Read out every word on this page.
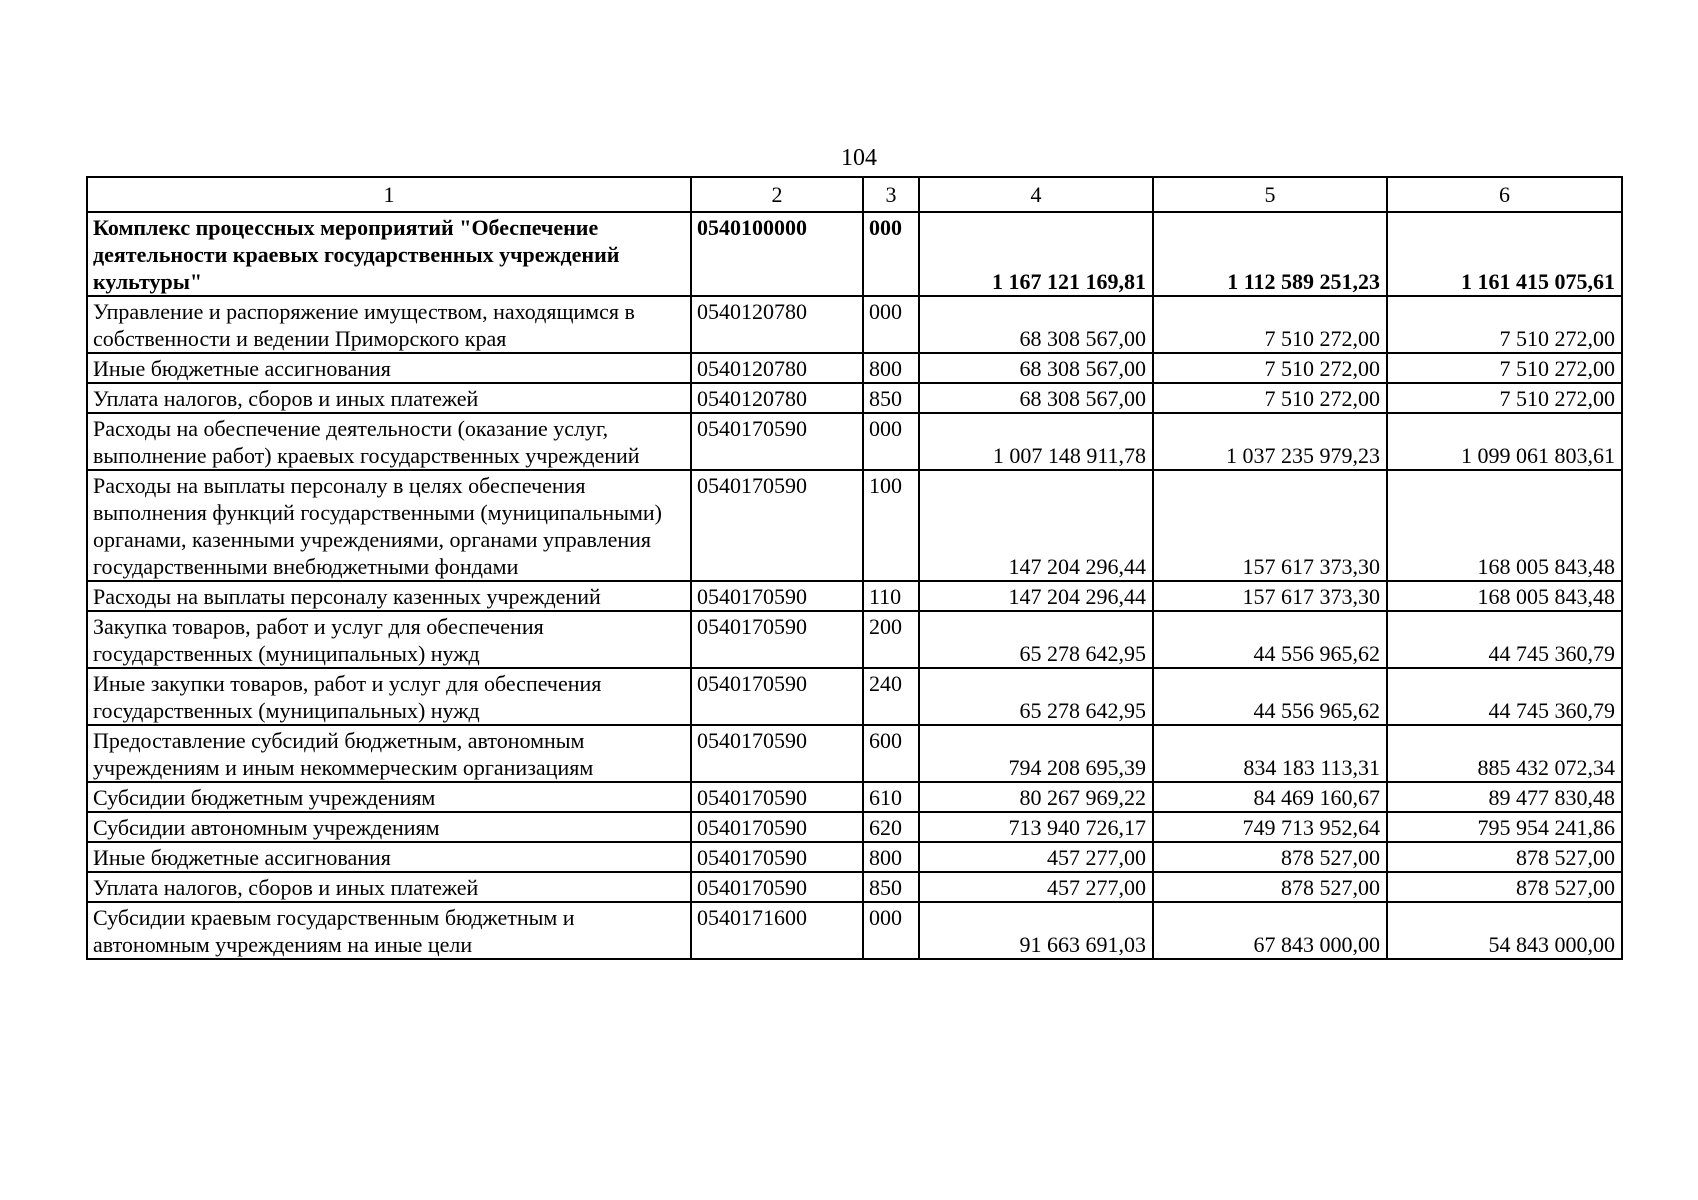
104
1	2	3	4	5	6
Комплекс процессных мероприятий "Обеспечение деятельности краевых государственных учреждений культуры"	0540100000	000	1 167 121 169,81	1 112 589 251,23	1 161 415 075,61
Управление и распоряжение имуществом, находящимся в собственности и ведении Приморского края	0540120780	000	68 308 567,00	7 510 272,00	7 510 272,00
Иные бюджетные ассигнования	0540120780	800	68 308 567,00	7 510 272,00	7 510 272,00
Уплата налогов, сборов и иных платежей	0540120780	850	68 308 567,00	7 510 272,00	7 510 272,00
Расходы на обеспечение деятельности (оказание услуг, выполнение работ) краевых государственных учреждений	0540170590	000	1 007 148 911,78	1 037 235 979,23	1 099 061 803,61
Расходы на выплаты персоналу в целях обеспечения выполнения функций государственными (муниципальными) органами, казенными учреждениями, органами управления государственными внебюджетными фондами	0540170590	100	147 204 296,44	157 617 373,30	168 005 843,48
Расходы на выплаты персоналу казенных учреждений	0540170590	110	147 204 296,44	157 617 373,30	168 005 843,48
Закупка товаров, работ и услуг для обеспечения государственных (муниципальных) нужд	0540170590	200	65 278 642,95	44 556 965,62	44 745 360,79
Иные закупки товаров, работ и услуг для обеспечения государственных (муниципальных) нужд	0540170590	240	65 278 642,95	44 556 965,62	44 745 360,79
Предоставление субсидий бюджетным, автономным учреждениям и иным некоммерческим организациям	0540170590	600	794 208 695,39	834 183 113,31	885 432 072,34
Субсидии бюджетным учреждениям	0540170590	610	80 267 969,22	84 469 160,67	89 477 830,48
Субсидии автономным учреждениям	0540170590	620	713 940 726,17	749 713 952,64	795 954 241,86
Иные бюджетные ассигнования	0540170590	800	457 277,00	878 527,00	878 527,00
Уплата налогов, сборов и иных платежей	0540170590	850	457 277,00	878 527,00	878 527,00
Субсидии краевым государственным бюджетным и автономным учреждениям на иные цели	0540171600	000	91 663 691,03	67 843 000,00	54 843 000,00
